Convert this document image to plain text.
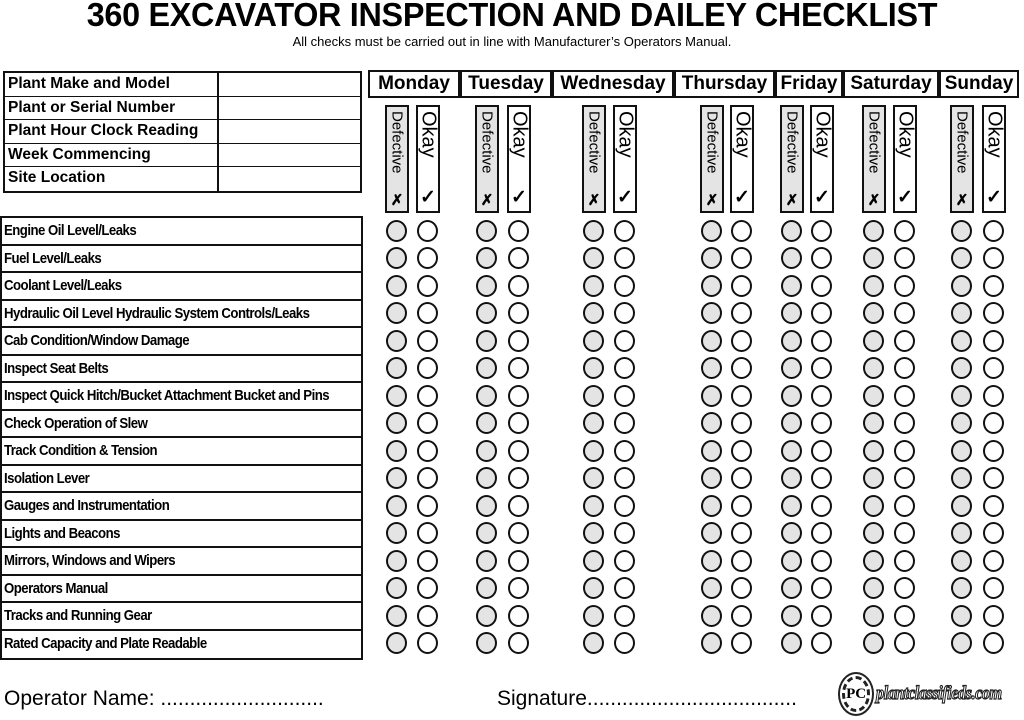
360 EXCAVATOR INSPECTION AND DAILEY CHECKLIST
All checks must be carried out in line with Manufacturer’s Operators Manual.
Plant Make and Model
Plant or Serial Number
Plant Hour Clock Reading
Week Commencing
Site Location
Monday Tuesday Wednesday Thursday Friday Saturday Sunday
Defective
✗
Okay
✓
Defective
✗
Okay
✓
Defective
✗
Okay
✓
Defective
✗
Okay
✓
Defective
✗
Okay
✓
Defective
✗
Okay
✓
Defective
✗
Okay
✓
Engine Oil Level/Leaks
Fuel Level/Leaks
Coolant Level/Leaks
Hydraulic Oil Level Hydraulic System Controls/Leaks
Cab Condition/Window Damage
Inspect Seat Belts
Inspect Quick Hitch/Bucket Attachment Bucket and Pins
Check Operation of Slew
Track Condition & Tension
Isolation Lever
Gauges and Instrumentation
Lights and Beacons
Mirrors, Windows and Wipers
Operators Manual
Tracks and Running Gear
Rated Capacity and Plate Readable
Operator Name: ............................	Signature....................................	PC plantclassifieds.com
